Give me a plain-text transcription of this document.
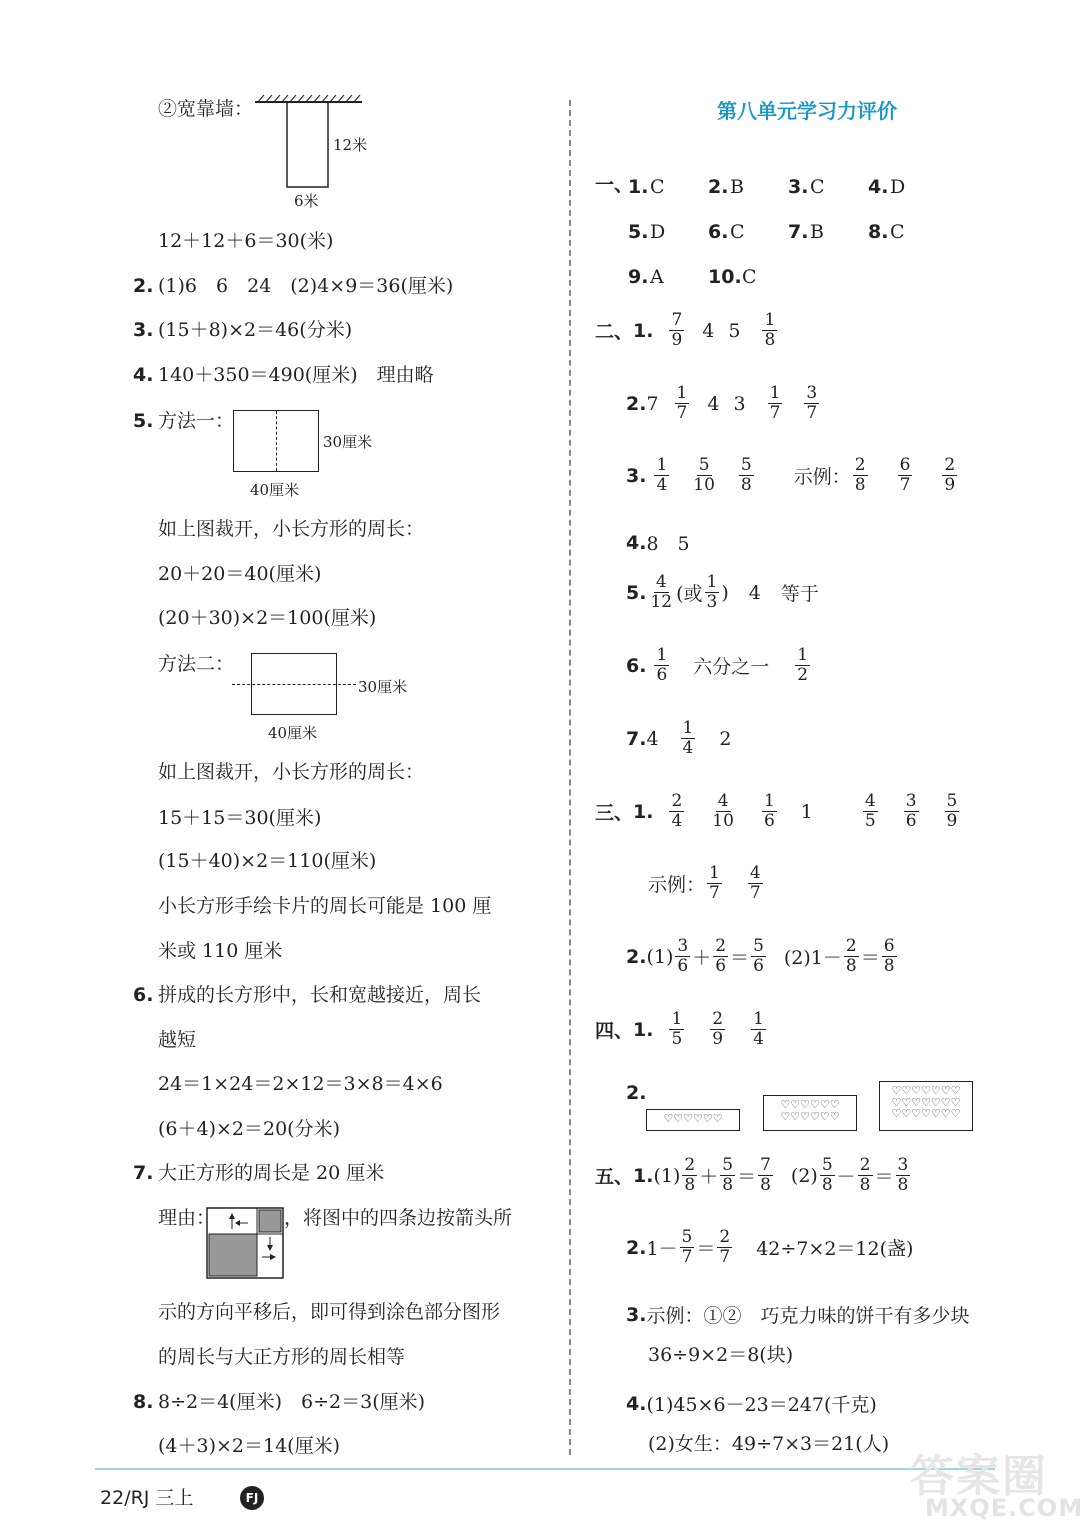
②宽靠墙：
12米
6米
12＋12＋6＝30(米)
2. (1)6　6　24　(2)4×9＝36(厘米)
3. (15＋8)×2＝46(分米)
4. 140＋350＝490(厘米)　理由略
5. 方法一：
30厘米
40厘米
如上图裁开，小长方形的周长：
20＋20＝40(厘米)
(20＋30)×2＝100(厘米)
方法二：
30厘米
40厘米
如上图裁开，小长方形的周长：
15＋15＝30(厘米)
(15＋40)×2＝110(厘米)
小长方形手绘卡片的周长可能是 100 厘
米或 110 厘米
6. 拼成的长方形中，长和宽越接近，周长
越短
24＝1×24＝2×12＝3×8＝4×6
(6＋4)×2＝20(分米)
7. 大正方形的周长是 20 厘米
理由：	，将图中的四条边按箭头所
示的方向平移后，即可得到涂色部分图形
的周长与大正方形的周长相等
8. 8÷2＝4(厘米)　6÷2＝3(厘米)
(4＋3)×2＝14(厘米)
第八单元学习力评价
一、
1. C	2. B	3. C	4. D
5. D	6. C	7. B	8. C
9. A	10. C
二、 1. $\frac{7}{9} 4$ $5 \frac{1}{8}$
2. $7 \frac{1}{7} 4$ $3 \frac{1}{7} \frac{3}{7}$
3. $\frac{1}{4} \frac{5}{10} \frac{5}{8}$ 示例： $\frac{2}{8} \frac{6}{7} \frac{2}{9}$
4. 8　5
5. $\frac{4}{12}$ (或 $\frac{1}{3}$ ) 4 等于
6. $\frac{1}{6}$ 六分之一 $\frac{1}{2}$
7. $4 \frac{1}{4} 2$
三、 1. $\frac{2}{4} \frac{4}{10} \frac{1}{6} 1$	$\frac{4}{5} \frac{3}{6} \frac{5}{9}$
示例： $\frac{1}{7} \frac{4}{7}$
2. $(1) \frac{3}{6} + \frac{2}{6} = \frac{5}{6} (2)1- \frac{2}{8} = \frac{6}{8}$
四、 1. $\frac{1}{5} \frac{2}{9} \frac{1}{4}$
2.
♡♡♡♡♡♡
♡♡♡♡♡♡
♡♡♡♡♡♡
♡♡♡♡♡♡♡
♡♡♡♡♡♡♡
♡♡♡♡♡♡♡
五、 1. $(1) \frac{2}{8} + \frac{5}{8} = \frac{7}{8} (2) \frac{5}{8} - \frac{2}{8} = \frac{3}{8}$
2. $1- \frac{5}{7} = \frac{2}{7} 42\div 7\times 2=12$(盏)
3. 示例：①②　巧克力味的饼干有多少块
36÷9×2＝8(块)
4. (1)45×6－23＝247(千克)
(2)女生：49÷7×3＝21(人)
22/RJ 三上	FJ	答案圈
MXQE.COM
